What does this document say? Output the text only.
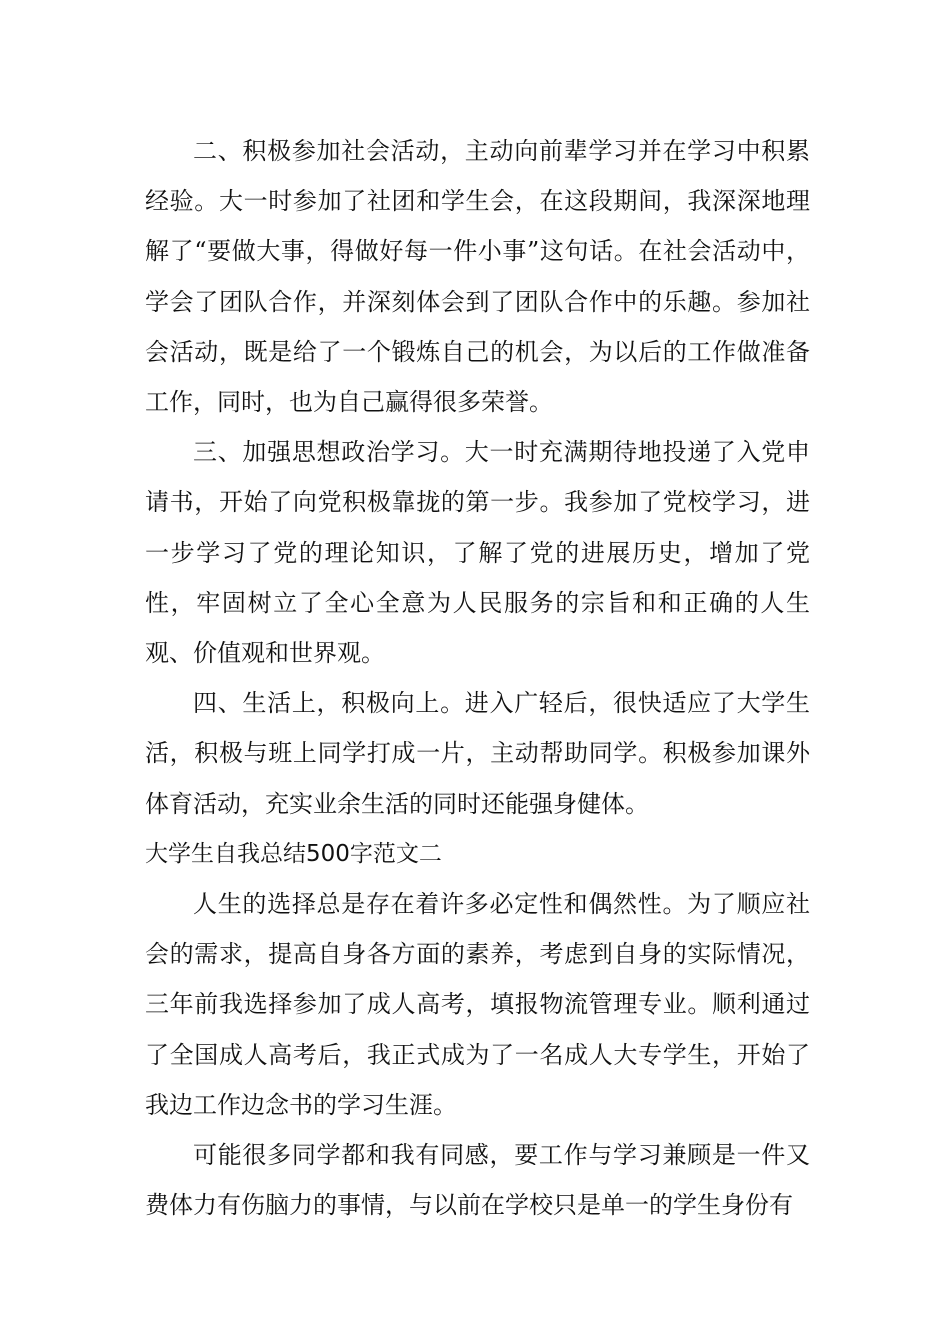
二、积极参加社会活动，主动向前辈学习并在学习中积累经验。大一时参加了社团和学生会，在这段期间，我深深地理解了“要做大事，得做好每一件小事”这句话。在社会活动中，学会了团队合作，并深刻体会到了团队合作中的乐趣。参加社会活动，既是给了一个锻炼自己的机会，为以后的工作做准备工作，同时，也为自己赢得很多荣誉。

三、加强思想政治学习。大一时充满期待地投递了入党申请书，开始了向党积极靠拢的第一步。我参加了党校学习，进一步学习了党的理论知识，了解了党的进展历史，增加了党性，牢固树立了全心全意为人民服务的宗旨和和正确的人生观、价值观和世界观。

四、生活上，积极向上。进入广轻后，很快适应了大学生活，积极与班上同学打成一片，主动帮助同学。积极参加课外体育活动，充实业余生活的同时还能强身健体。

大学生自我总结500字范文二

人生的选择总是存在着许多必定性和偶然性。为了顺应社会的需求，提高自身各方面的素养，考虑到自身的实际情况，三年前我选择参加了成人高考，填报物流管理专业。顺利通过了全国成人高考后，我正式成为了一名成人大专学生，开始了我边工作边念书的学习生涯。

可能很多同学都和我有同感，要工作与学习兼顾是一件又费体力有伤脑力的事情，与以前在学校只是单一的学生身份有
